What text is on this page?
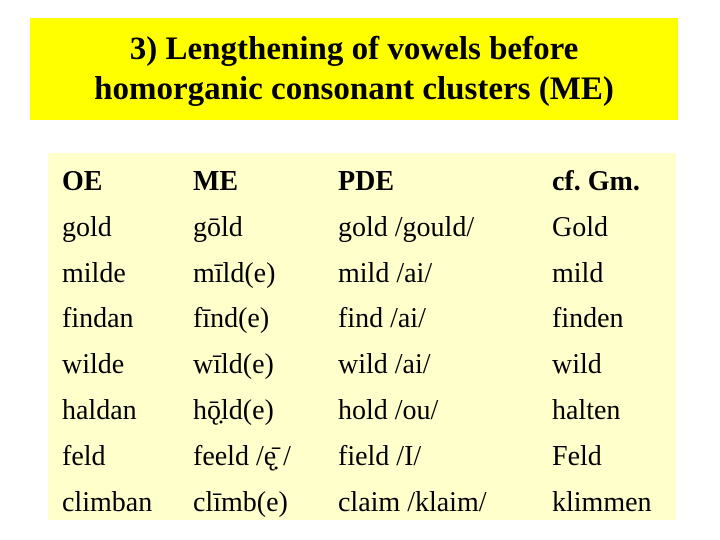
3) Lengthening of vowels before
homorganic consonant clusters (ME)
OE
gold
milde
findan
wilde
haldan
feld
climban
ME
gōld
mīld(e)
fīnd(e)
wīld(e)
hǭ̣ld(e)
feeld /ę̣̄ /
clīmb(e)
PDE
gold /gould/
mild /ai/
find /ai/
wild /ai/
hold /ou/
field /I/
claim /klaim/
cf. Gm.
Gold
mild
finden
wild
halten
Feld
klimmen
